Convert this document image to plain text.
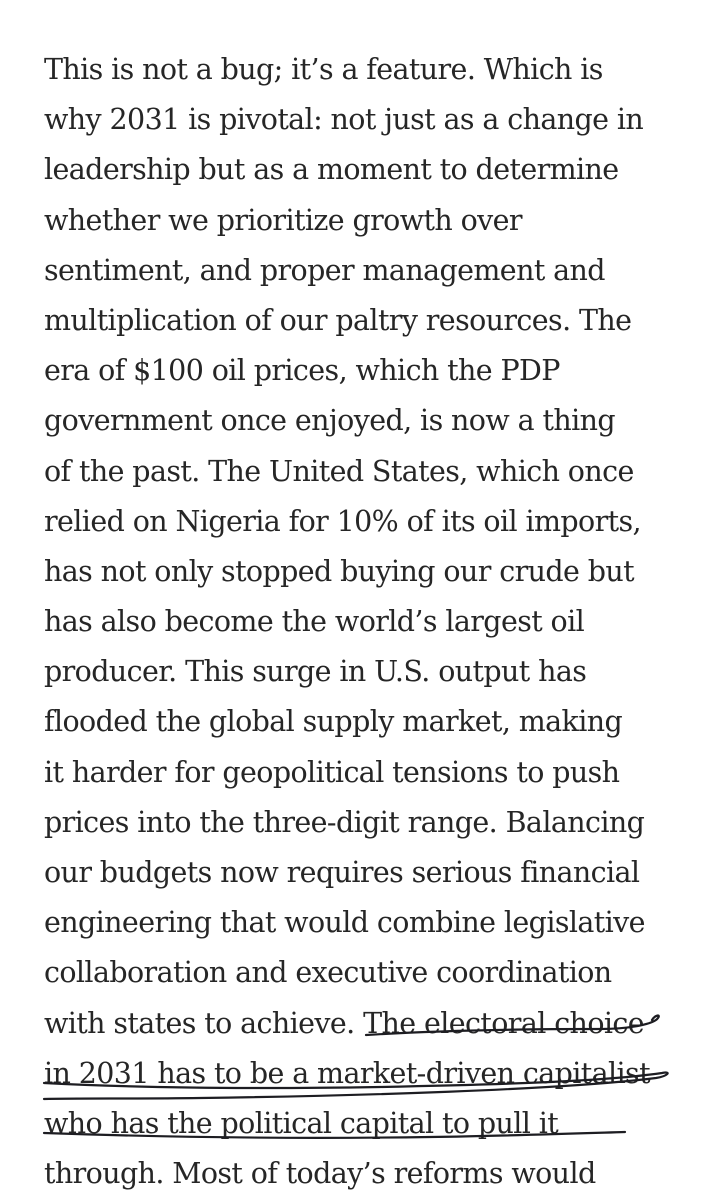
This is not a bug; it’s a feature. Which is
why 2031 is pivotal: not just as a change in
leadership but as a moment to determine
whether we prioritize growth over
sentiment, and proper management and
multiplication of our paltry resources. The
era of $100 oil prices, which the PDP
government once enjoyed, is now a thing
of the past. The United States, which once
relied on Nigeria for 10% of its oil imports,
has not only stopped buying our crude but
has also become the world’s largest oil
producer. This surge in U.S. output has
flooded the global supply market, making
it harder for geopolitical tensions to push
prices into the three-digit range. Balancing
our budgets now requires serious financial
engineering that would combine legislative
collaboration and executive coordination
with states to achieve. The electoral choice
in 2031 has to be a market-driven capitalist
who has the political capital to pull it
through. Most of today’s reforms would
